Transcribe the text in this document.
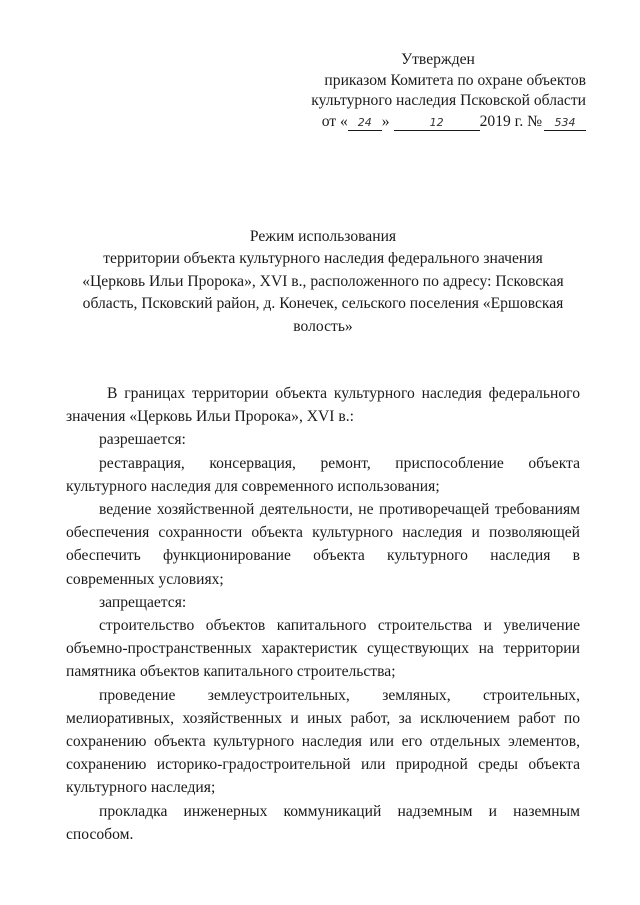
Утвержден
приказом Комитета по охране объектов
культурного наследия Псковской области
от « 24 »	12 2019 г. № 534
Режим использования
территории объекта культурного наследия федерального значения
«Церковь Ильи Пророка», XVI в., расположенного по адресу: Псковская
область, Псковский район, д. Конечек, сельского поселения «Ершовская
волость»

В границах территории объекта культурного наследия федерального значения «Церковь Ильи Пророка», XVI в.:

разрешается:

реставрация, консервация, ремонт, приспособление объекта культурного наследия для современного использования;

ведение хозяйственной деятельности, не противоречащей требованиям обеспечения сохранности объекта культурного наследия и позволяющей обеспечить функционирование объекта культурного наследия в современных условиях;

запрещается:

строительство объектов капитального строительства и увеличение объемно-пространственных характеристик существующих на территории памятника объектов капитального строительства;

проведение землеустроительных, земляных, строительных, мелиоративных, хозяйственных и иных работ, за исключением работ по сохранению объекта культурного наследия или его отдельных элементов, сохранению историко-градостроительной или природной среды объекта культурного наследия;

прокладка инженерных коммуникаций надземным и наземным способом.
